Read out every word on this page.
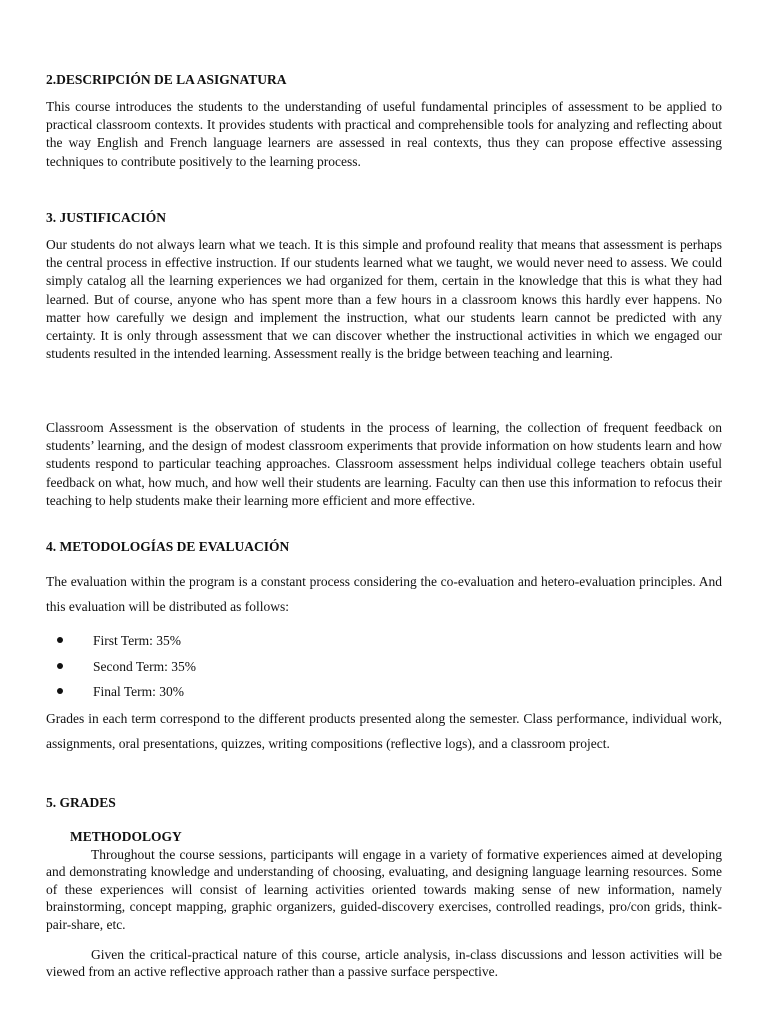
2.DESCRIPCIÓN DE LA ASIGNATURA

This course introduces the students to the understanding of useful fundamental principles of assessment to be applied to practical classroom contexts. It provides students with practical and comprehensible tools for analyzing and reflecting about the way English and French language learners are assessed in real contexts, thus they can propose effective assessing techniques to contribute positively to the learning process.

3. JUSTIFICACIÓN

Our students do not always learn what we teach. It is this simple and profound reality that means that assessment is perhaps the central process in effective instruction. If our students learned what we taught, we would never need to assess. We could simply catalog all the learning experiences we had organized for them, certain in the knowledge that this is what they had learned. But of course, anyone who has spent more than a few hours in a classroom knows this hardly ever happens. No matter how carefully we design and implement the instruction, what our students learn cannot be predicted with any certainty. It is only through assessment that we can discover whether the instructional activities in which we engaged our students resulted in the intended learning. Assessment really is the bridge between teaching and learning.

Classroom Assessment is the observation of students in the process of learning, the collection of frequent feedback on students’ learning, and the design of modest classroom experiments that provide information on how students learn and how students respond to particular teaching approaches. Classroom assessment helps individual college teachers obtain useful feedback on what, how much, and how well their students are learning. Faculty can then use this information to refocus their teaching to help students make their learning more efficient and more effective.

4. METODOLOGÍAS DE EVALUACIÓN

The evaluation within the program is a constant process considering the co-evaluation and hetero-evaluation principles. And this evaluation will be distributed as follows:

First Term: 35%
Second Term: 35%
Final Term: 30%

Grades in each term correspond to the different products presented along the semester. Class performance, individual work, assignments, oral presentations, quizzes, writing compositions (reflective logs), and a classroom project.

5. GRADES
METHODOLOGY

Throughout the course sessions, participants will engage in a variety of formative experiences aimed at developing and demonstrating knowledge and understanding of choosing, evaluating, and designing language learning resources. Some of these experiences will consist of learning activities oriented towards making sense of new information, namely brainstorming, concept mapping, graphic organizers, guided-discovery exercises, controlled readings, pro/con grids, think-pair-share, etc.

Given the critical-practical nature of this course, article analysis, in-class discussions and lesson activities will be viewed from an active reflective approach rather than a passive surface perspective.
